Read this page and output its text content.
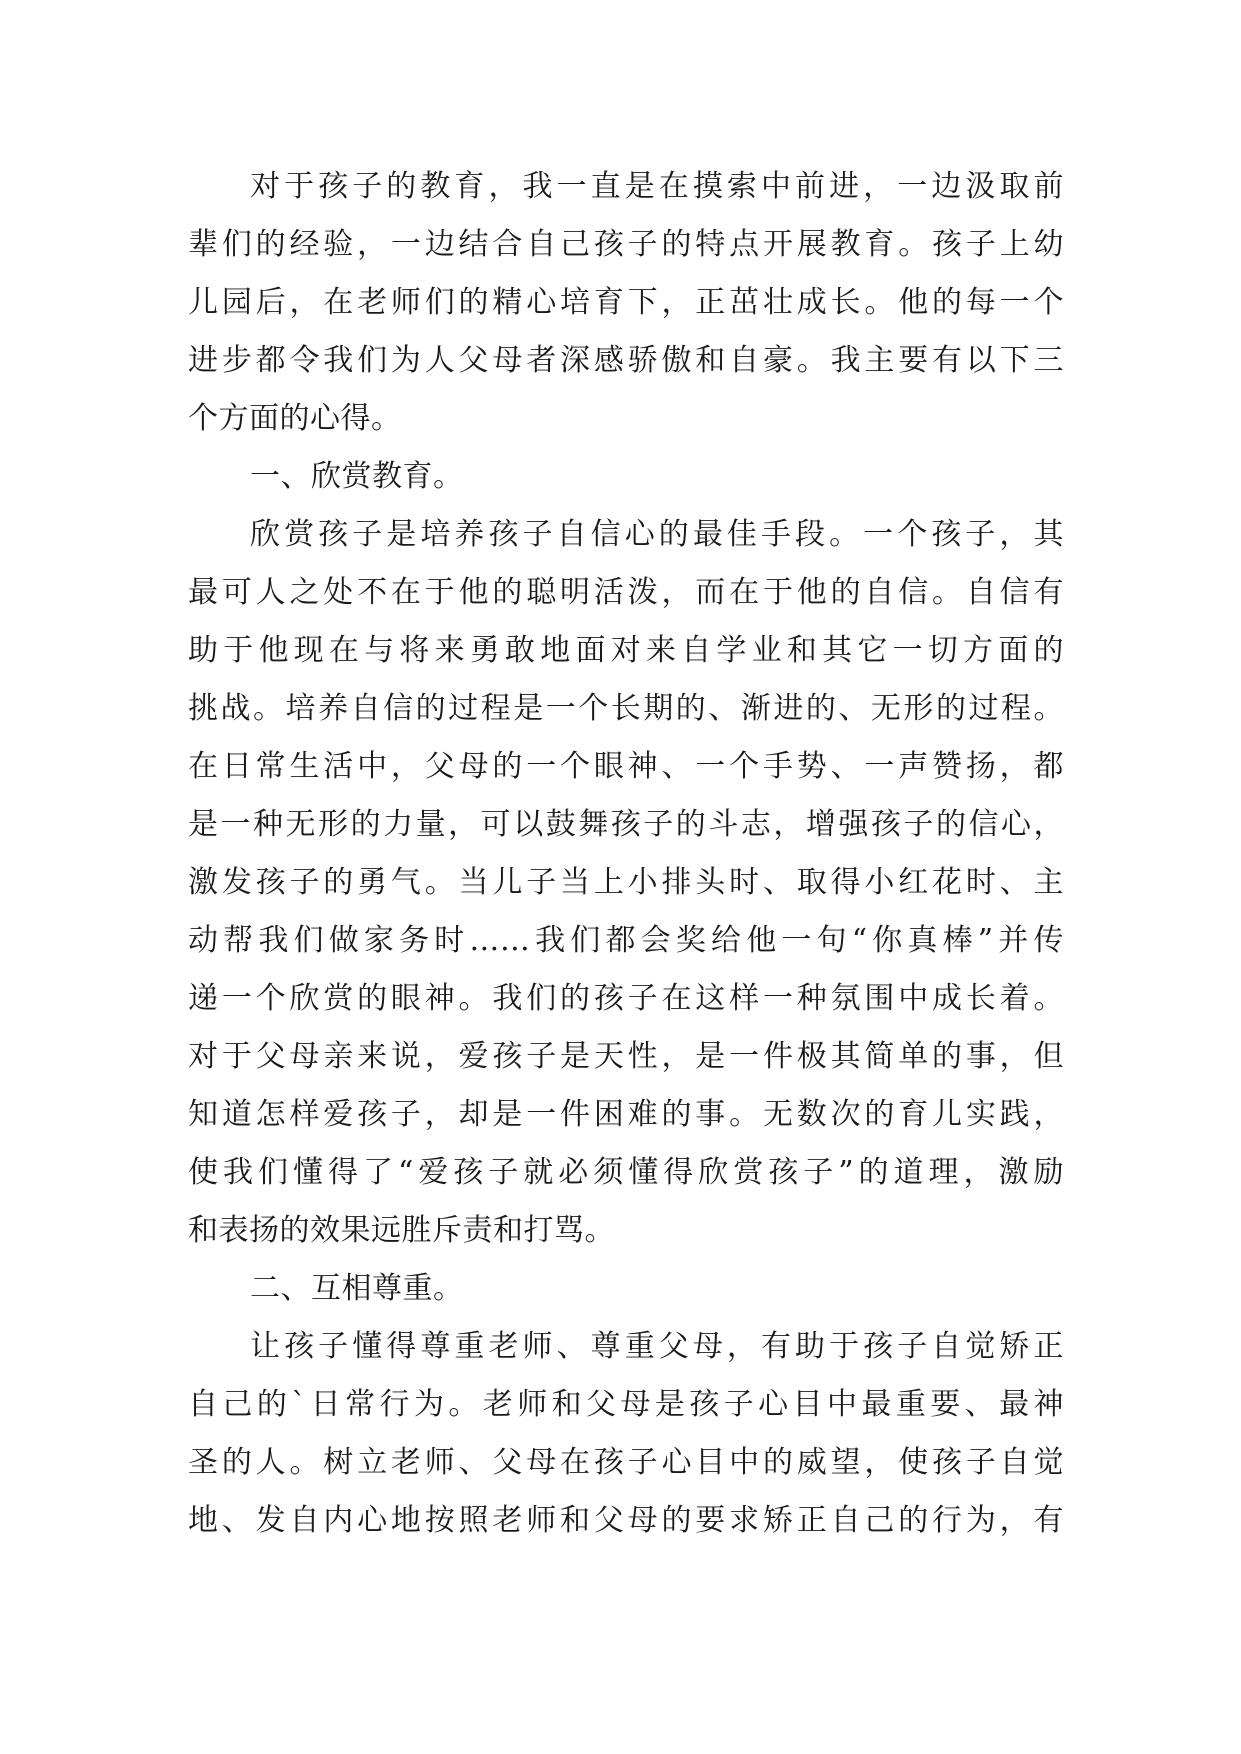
对于孩子的教育，我一直是在摸索中前进，一边汲取前
辈们的经验，一边结合自己孩子的特点开展教育。孩子上幼
儿园后，在老师们的精心培育下，正茁壮成长。他的每一个
进步都令我们为人父母者深感骄傲和自豪。我主要有以下三
个方面的心得。
一、欣赏教育。
欣赏孩子是培养孩子自信心的最佳手段。一个孩子，其
最可人之处不在于他的聪明活泼，而在于他的自信。自信有
助于他现在与将来勇敢地面对来自学业和其它一切方面的
挑战。培养自信的过程是一个长期的、渐进的、无形的过程。
在日常生活中，父母的一个眼神、一个手势、一声赞扬，都
是一种无形的力量，可以鼓舞孩子的斗志，增强孩子的信心，
激发孩子的勇气。当儿子当上小排头时、取得小红花时、主
动帮我们做家务时……我们都会奖给他一句“你真棒”并传
递一个欣赏的眼神。我们的孩子在这样一种氛围中成长着。
对于父母亲来说，爱孩子是天性，是一件极其简单的事，但
知道怎样爱孩子，却是一件困难的事。无数次的育儿实践，
使我们懂得了“爱孩子就必须懂得欣赏孩子”的道理，激励
和表扬的效果远胜斥责和打骂。
二、互相尊重。
让孩子懂得尊重老师、尊重父母，有助于孩子自觉矫正
自己的`日常行为。老师和父母是孩子心目中最重要、最神
圣的人。树立老师、父母在孩子心目中的威望，使孩子自觉
地、发自内心地按照老师和父母的要求矫正自己的行为，有
